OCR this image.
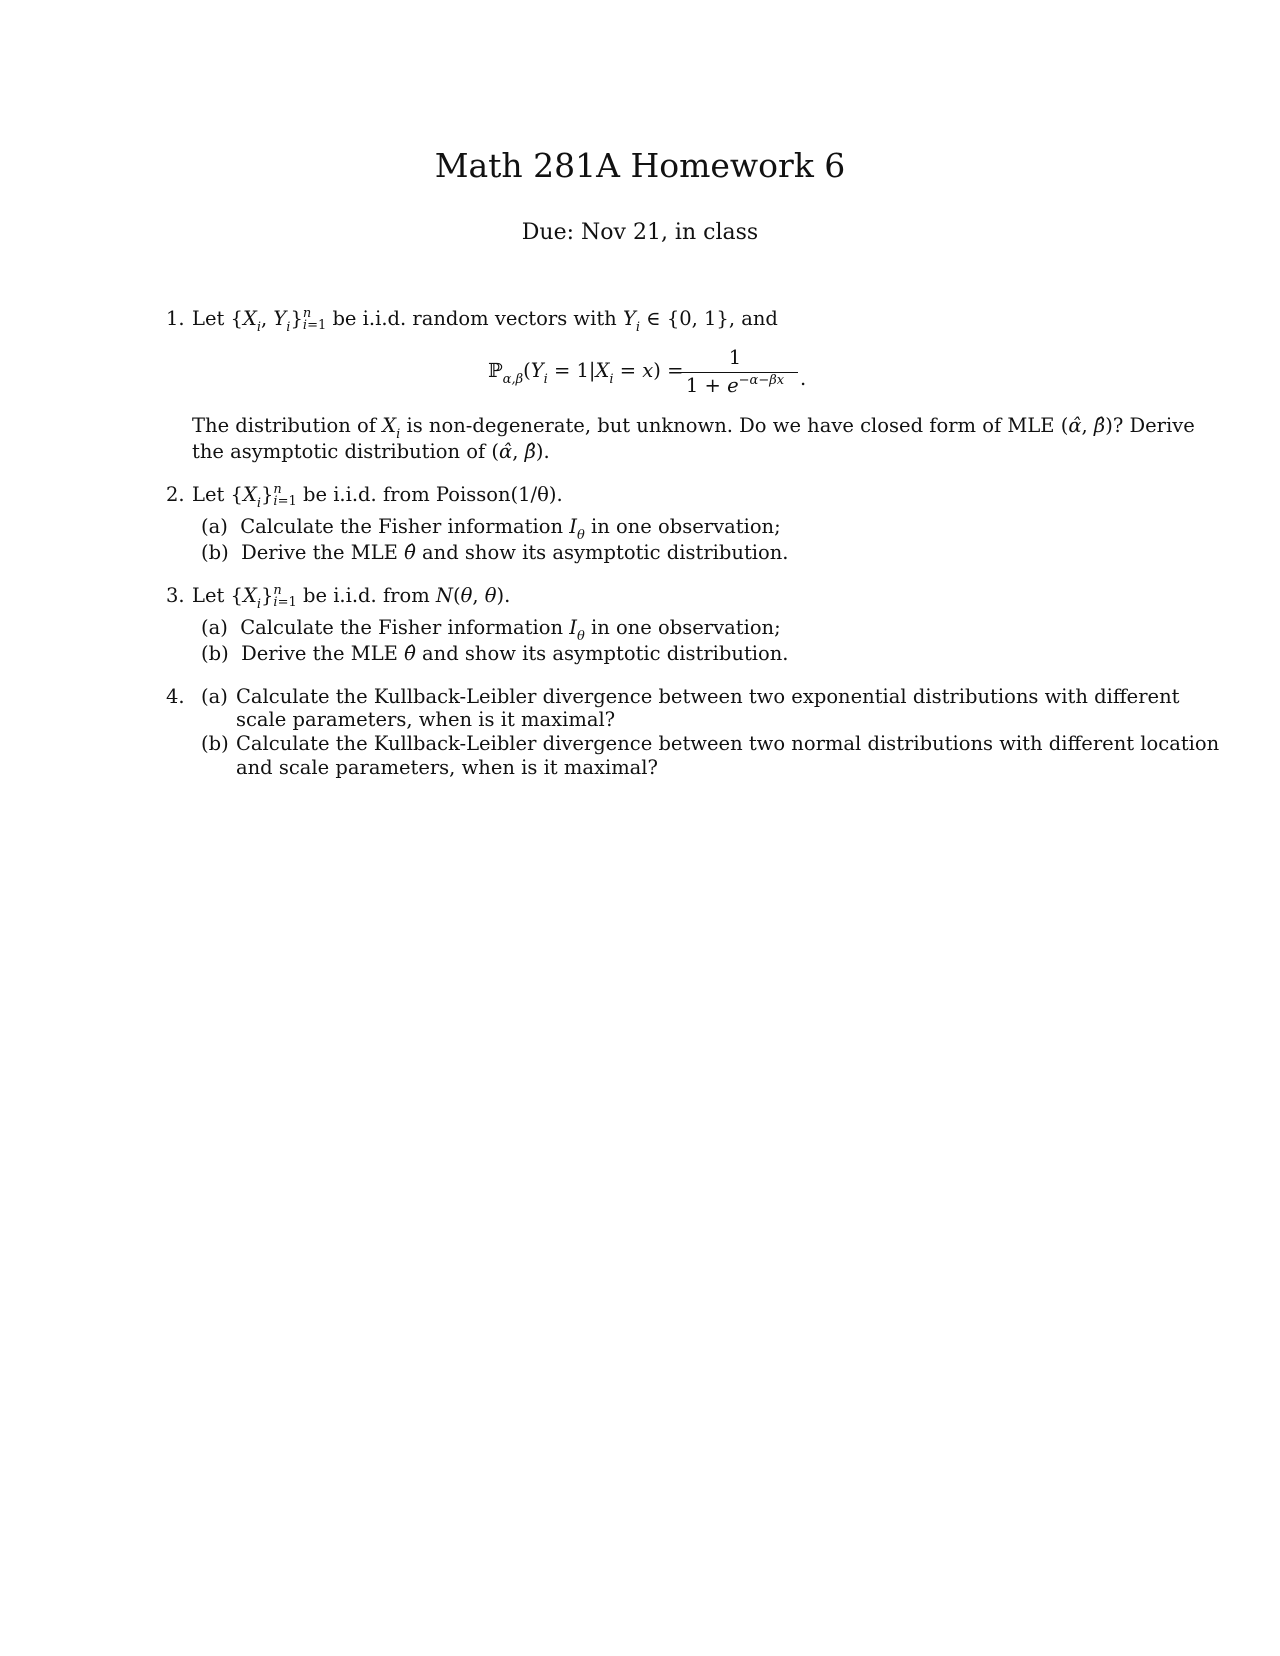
Math 281A Homework 6
Due: Nov 21, in class
1. Let {$X_i$, $Y_i$} n
i=1 be i.i.d. random vectors with $Y_i$ ∈ {0, 1}, and
$ℙ_{\alpha,\beta}(Y_i = 1|X_i = x)$ =
1
$1 + e^{-\alpha-\beta x}$ .
The distribution of $X_i$ is non-degenerate, but unknown. Do we have closed form of MLE (α̂, β̂)? Derive
the asymptotic distribution of (α̂, β̂).
2. Let $\{X_i\}$ n
i=1 be i.i.d. from Poisson(1/θ).
(a) Calculate the Fisher information $I_\theta$ in one observation;
(b) Derive the MLE θ̂ and show its asymptotic distribution.
3. Let $\{X_i\}$ n
i=1 be i.i.d. from N(θ, θ).
(a) Calculate the Fisher information $I_\theta$ in one observation;
(b) Derive the MLE θ̂ and show its asymptotic distribution.
4. (a) Calculate the Kullback-Leibler divergence between two exponential distributions with different
scale parameters, when is it maximal?
(b) Calculate the Kullback-Leibler divergence between two normal distributions with different location
and scale parameters, when is it maximal?
